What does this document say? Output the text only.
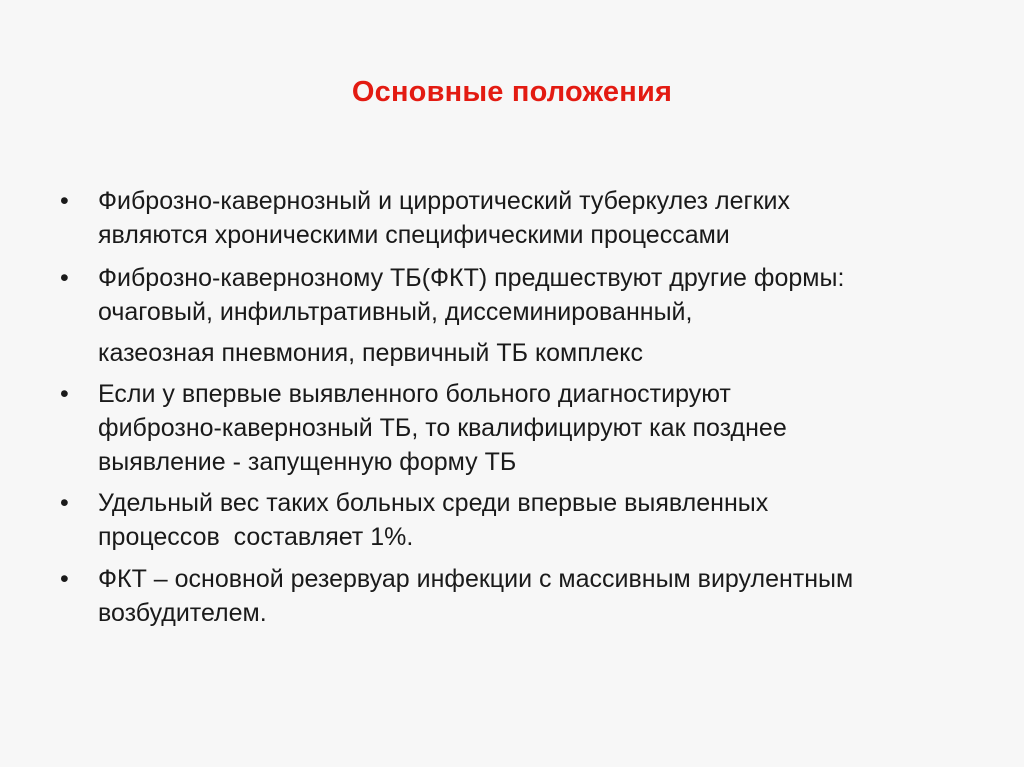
Основные положения
• Фиброзно-кавернозный и цирротический туберкулез легких
являются хроническими специфическими процессами
• Фиброзно-кавернозному ТБ(ФКТ) предшествуют другие формы:
очаговый, инфильтративный, диссеминированный,
казеозная пневмония, первичный ТБ комплекс
• Если у впервые выявленного больного диагностируют
фиброзно-кавернозный ТБ, то квалифицируют как позднее
выявление - запущенную форму ТБ
• Удельный вес таких больных среди впервые выявленных
процессов  составляет 1%.
• ФКТ – основной резервуар инфекции с массивным вирулентным
возбудителем.
